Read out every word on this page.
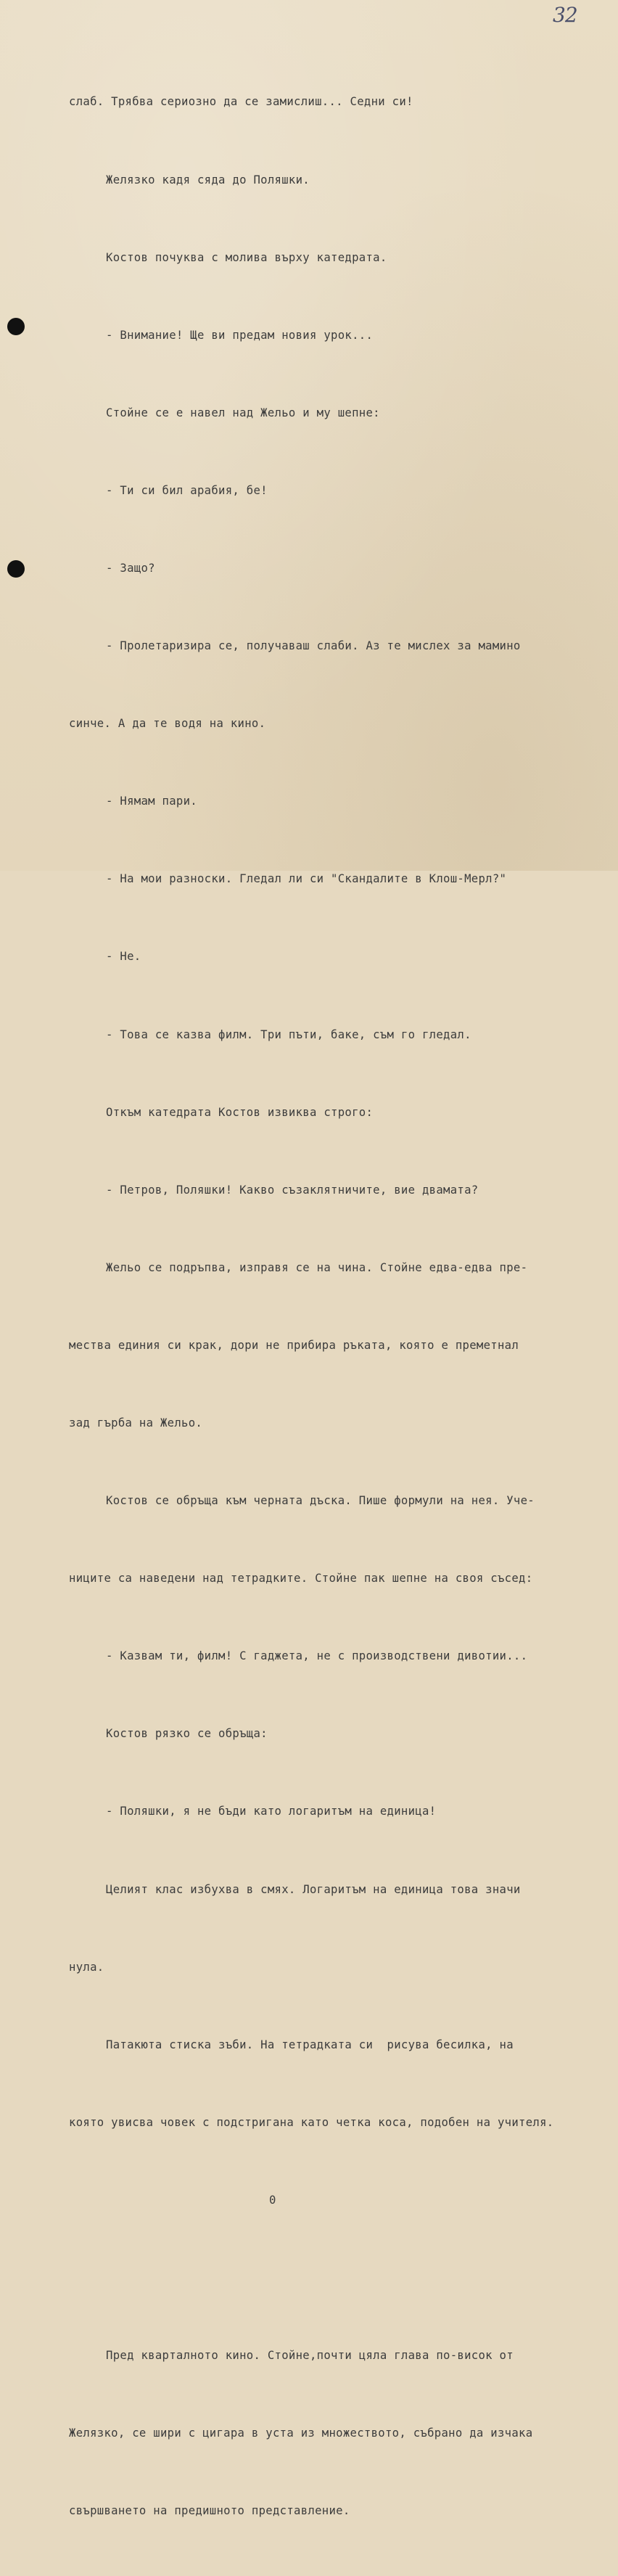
32

слаб. Трябва сериозно да се замислиш... Седни си!

Желязко кадя сяда до Поляшки.

Костов почуква с молива върху катедрата.

- Внимание! Ще ви предам новия урок...

Стойне се е навел над Жельо и му шепне:

- Ти си бил арабия, бе!

- Защо?

- Пролетаризира се, получаваш слаби. Аз те мислех за мамино

синче. А да те водя на кино.

- Нямам пари.

- На мои разноски. Гледал ли си "Скандалите в Клош-Мерл?"

- Не.

- Това се казва филм. Три пъти, баке, съм го гледал.

Откъм катедрата Костов извиква строго:

- Петров, Поляшки! Какво съзаклятничите, вие двамата?

Жельо се подръпва, изправя се на чина. Стойне едва-едва пре-

мества единия си крак, дори не прибира ръката, която е преметнал

зад гърба на Жельо.

Костов се обръща към черната дъска. Пише формули на нея. Уче-

ниците са наведени над тетрадките. Стойне пак шепне на своя съсед:

- Казвам ти, филм! С гаджета, не с производствени дивотии...

Костов рязко се обръща:

- Поляшки, я не бъди като логаритъм на единица!

Целият клас избухва в смях. Логаритъм на единица това значи

нула.

Патакюта стиска зъби. На тетрадката си  рисува бесилка, на

която увисва човек с подстригана като четка коса, подобен на учителя.

0

Пред кварталното кино. Стойне,почти цяла глава по-висок от

Желязко, се шири с цигара в уста из множеството, събрано да изчака

свършването на предишното представление.
